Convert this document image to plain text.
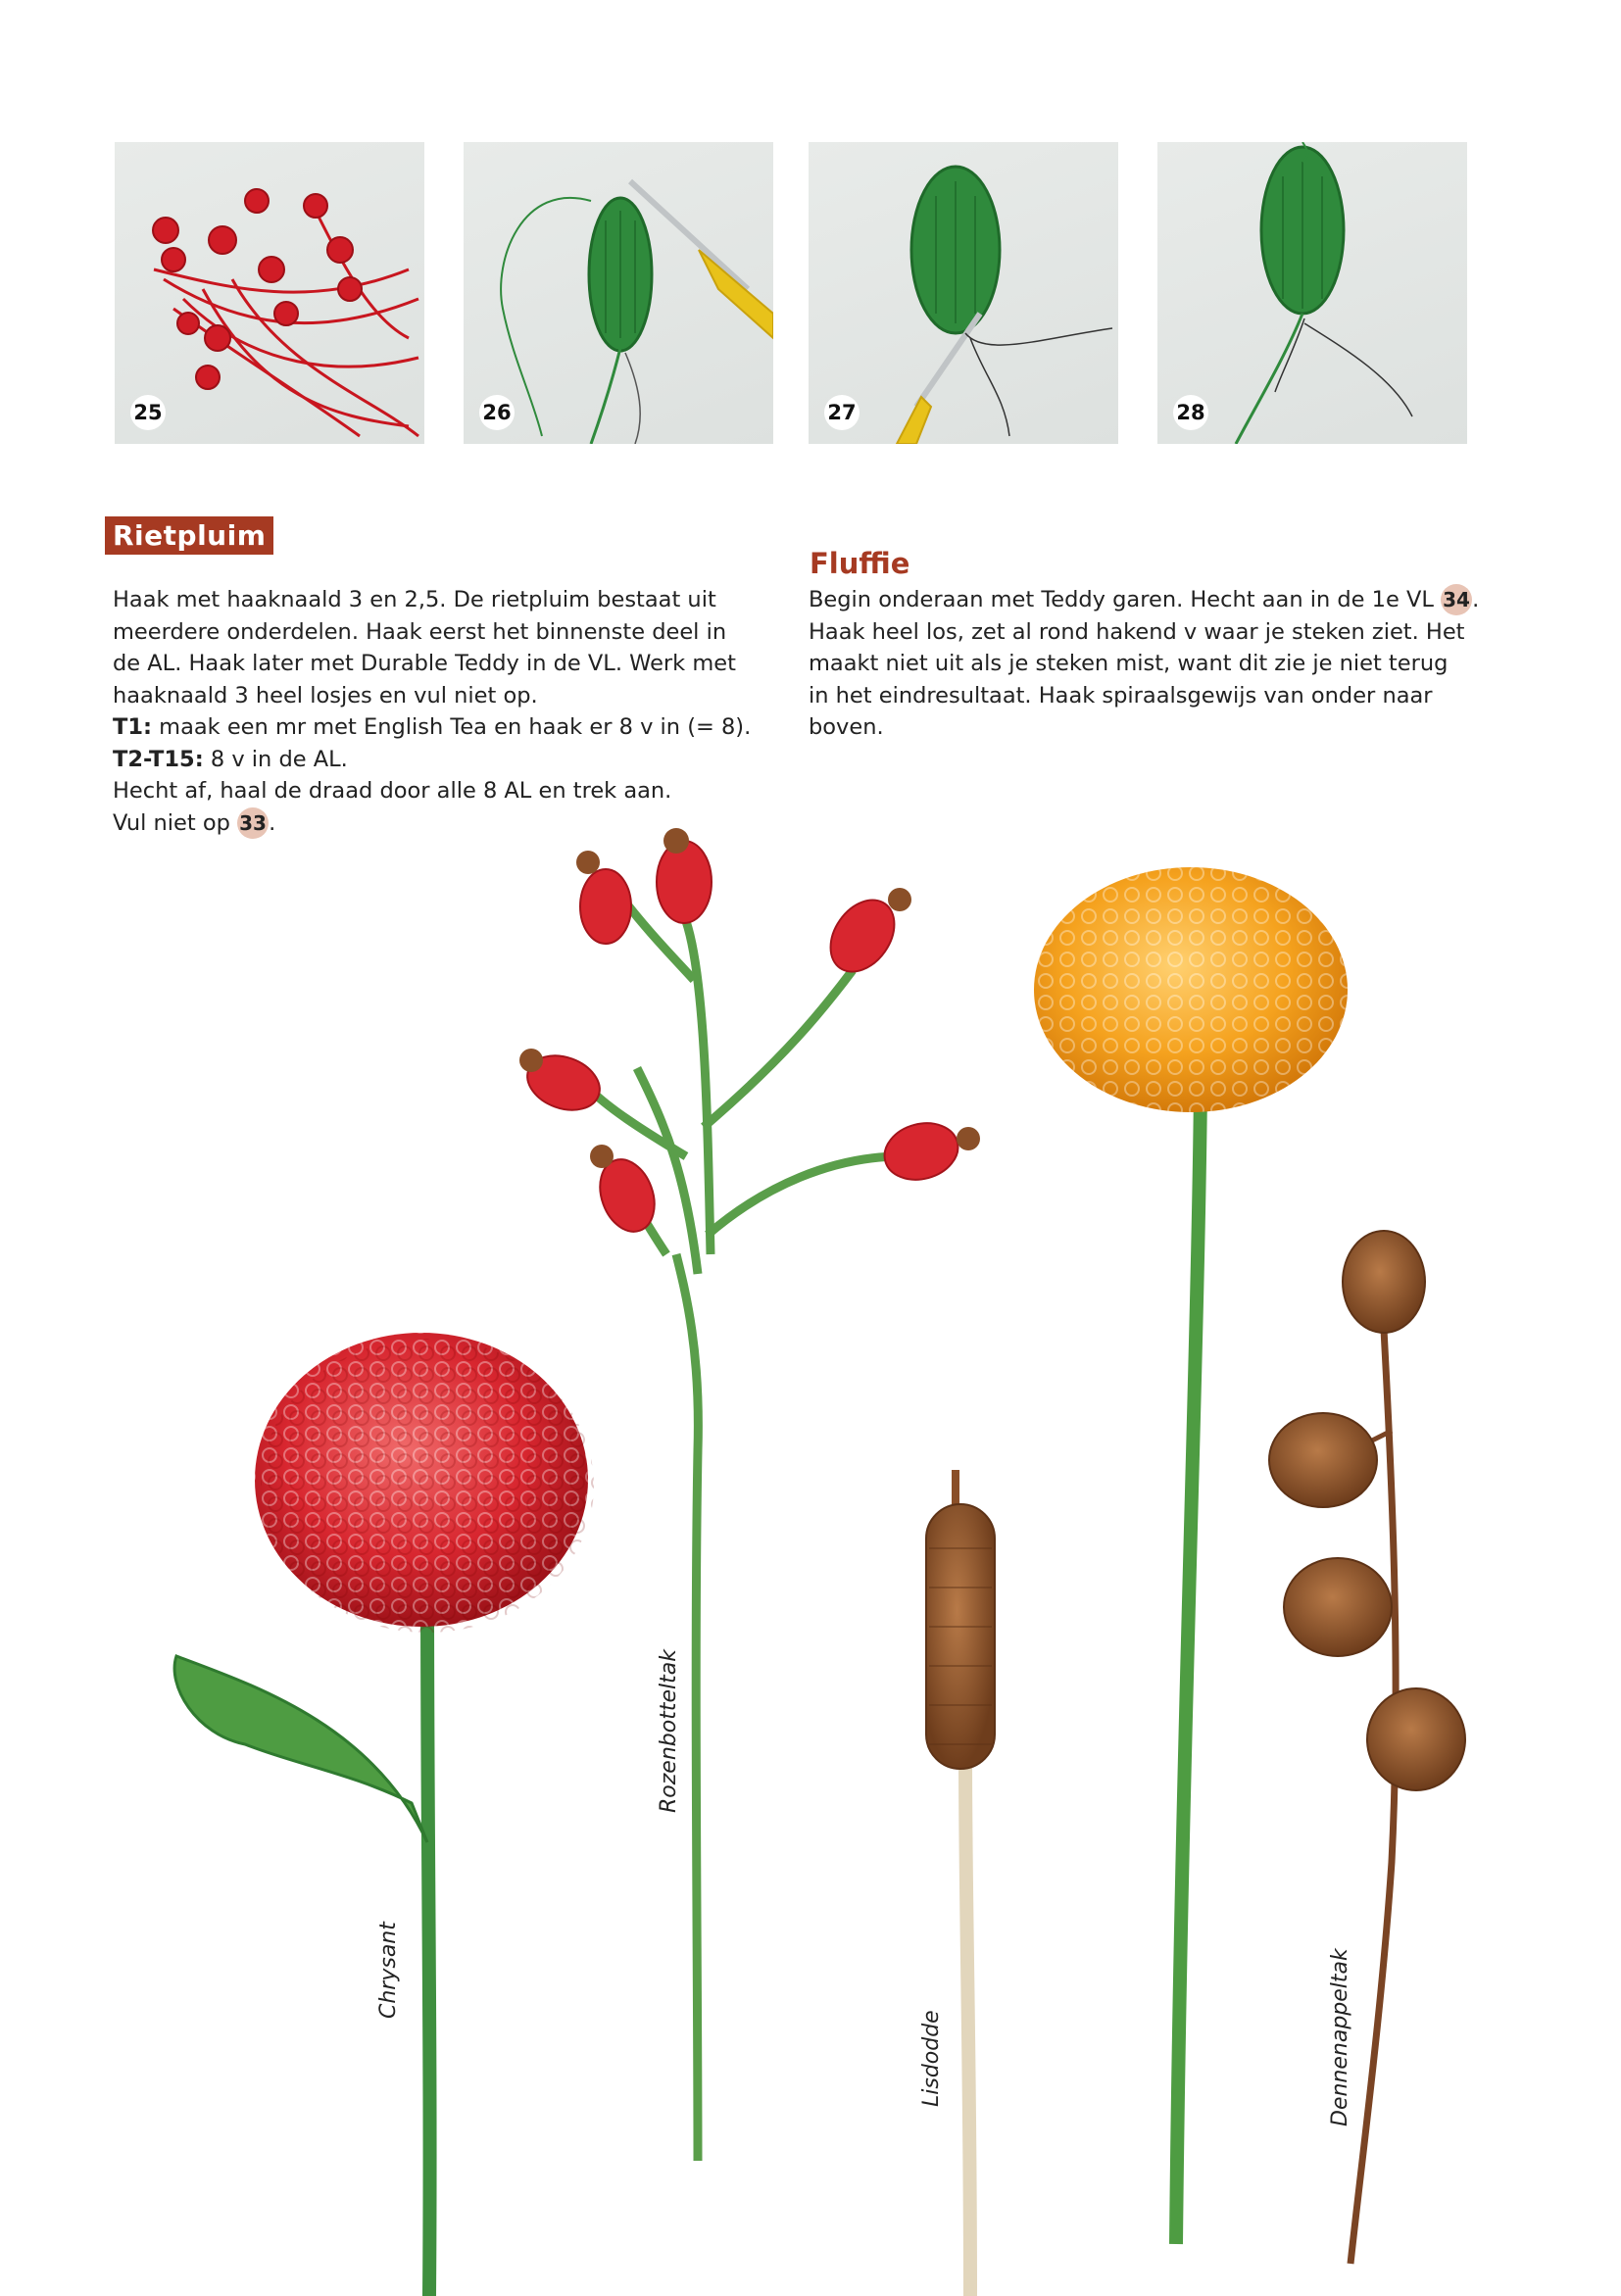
25	26	27	28
Rietpluim

Haak met haaknaald 3 en 2,5. De rietpluim bestaat uit

meerdere onderdelen. Haak eerst het binnenste deel in

de AL. Haak later met Durable Teddy in de VL. Werk met

haaknaald 3 heel losjes en vul niet op.

T1: maak een mr met English Tea en haak er 8 v in (= 8).

T2-T15: 8 v in de AL.

Hecht af, haal de draad door alle 8 AL en trek aan.

Vul niet op 33.

Fluffie

Begin onderaan met Teddy garen. Hecht aan in de 1e VL 34.

Haak heel los, zet al rond hakend v waar je steken ziet. Het

maakt niet uit als je steken mist, want dit zie je niet terug

in het eindresultaat. Haak spiraalsgewijs van onder naar

boven.

Chrysant
Rozenbotteltak
Lisdodde	Dennenappeltak
